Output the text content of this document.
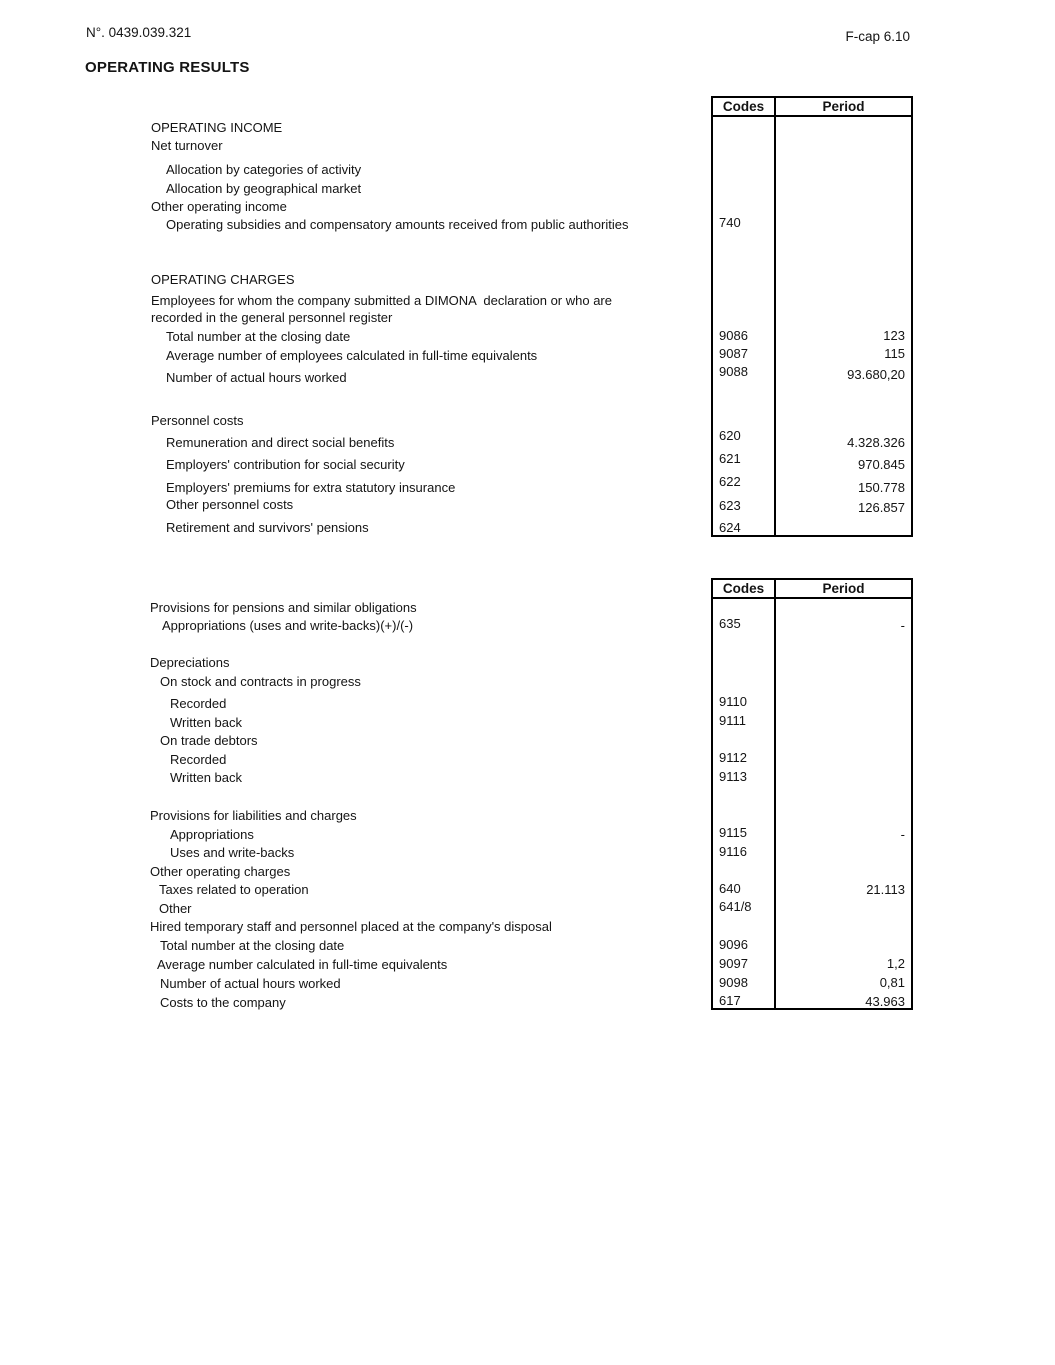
N°. 0439.039.321	F-cap 6.10
OPERATING RESULTS
Codes	Period
Codes	Period
OPERATING INCOME
Net turnover
Allocation by categories of activity
Allocation by geographical market
Other operating income
Operating subsidies and compensatory amounts received from public authorities	740
OPERATING CHARGES
Employees for whom the company submitted a DIMONA  declaration or who are
recorded in the general personnel register
Total number at the closing date	9086	123
Average number of employees calculated in full-time equivalents	9087	115
Number of actual hours worked	9088	93.680,20
Personnel costs
Remuneration and direct social benefits	620	4.328.326
Employers' contribution for social security	621	970.845
Employers' premiums for extra statutory insurance	622	150.778
Other personnel costs	623	126.857
Retirement and survivors' pensions	624
Provisions for pensions and similar obligations
Appropriations (uses and write-backs)(+)/(-)	635	-
Depreciations
On stock and contracts in progress
Recorded	9110
Written back	9111
On trade debtors
Recorded	9112
Written back	9113
Provisions for liabilities and charges
Appropriations	9115	-
Uses and write-backs	9116
Other operating charges
Taxes related to operation	640	21.113
Other	641/8
Hired temporary staff and personnel placed at the company's disposal
Total number at the closing date	9096
Average number calculated in full-time equivalents	9097	1,2
Number of actual hours worked	9098	0,81
Costs to the company	617	43.963
